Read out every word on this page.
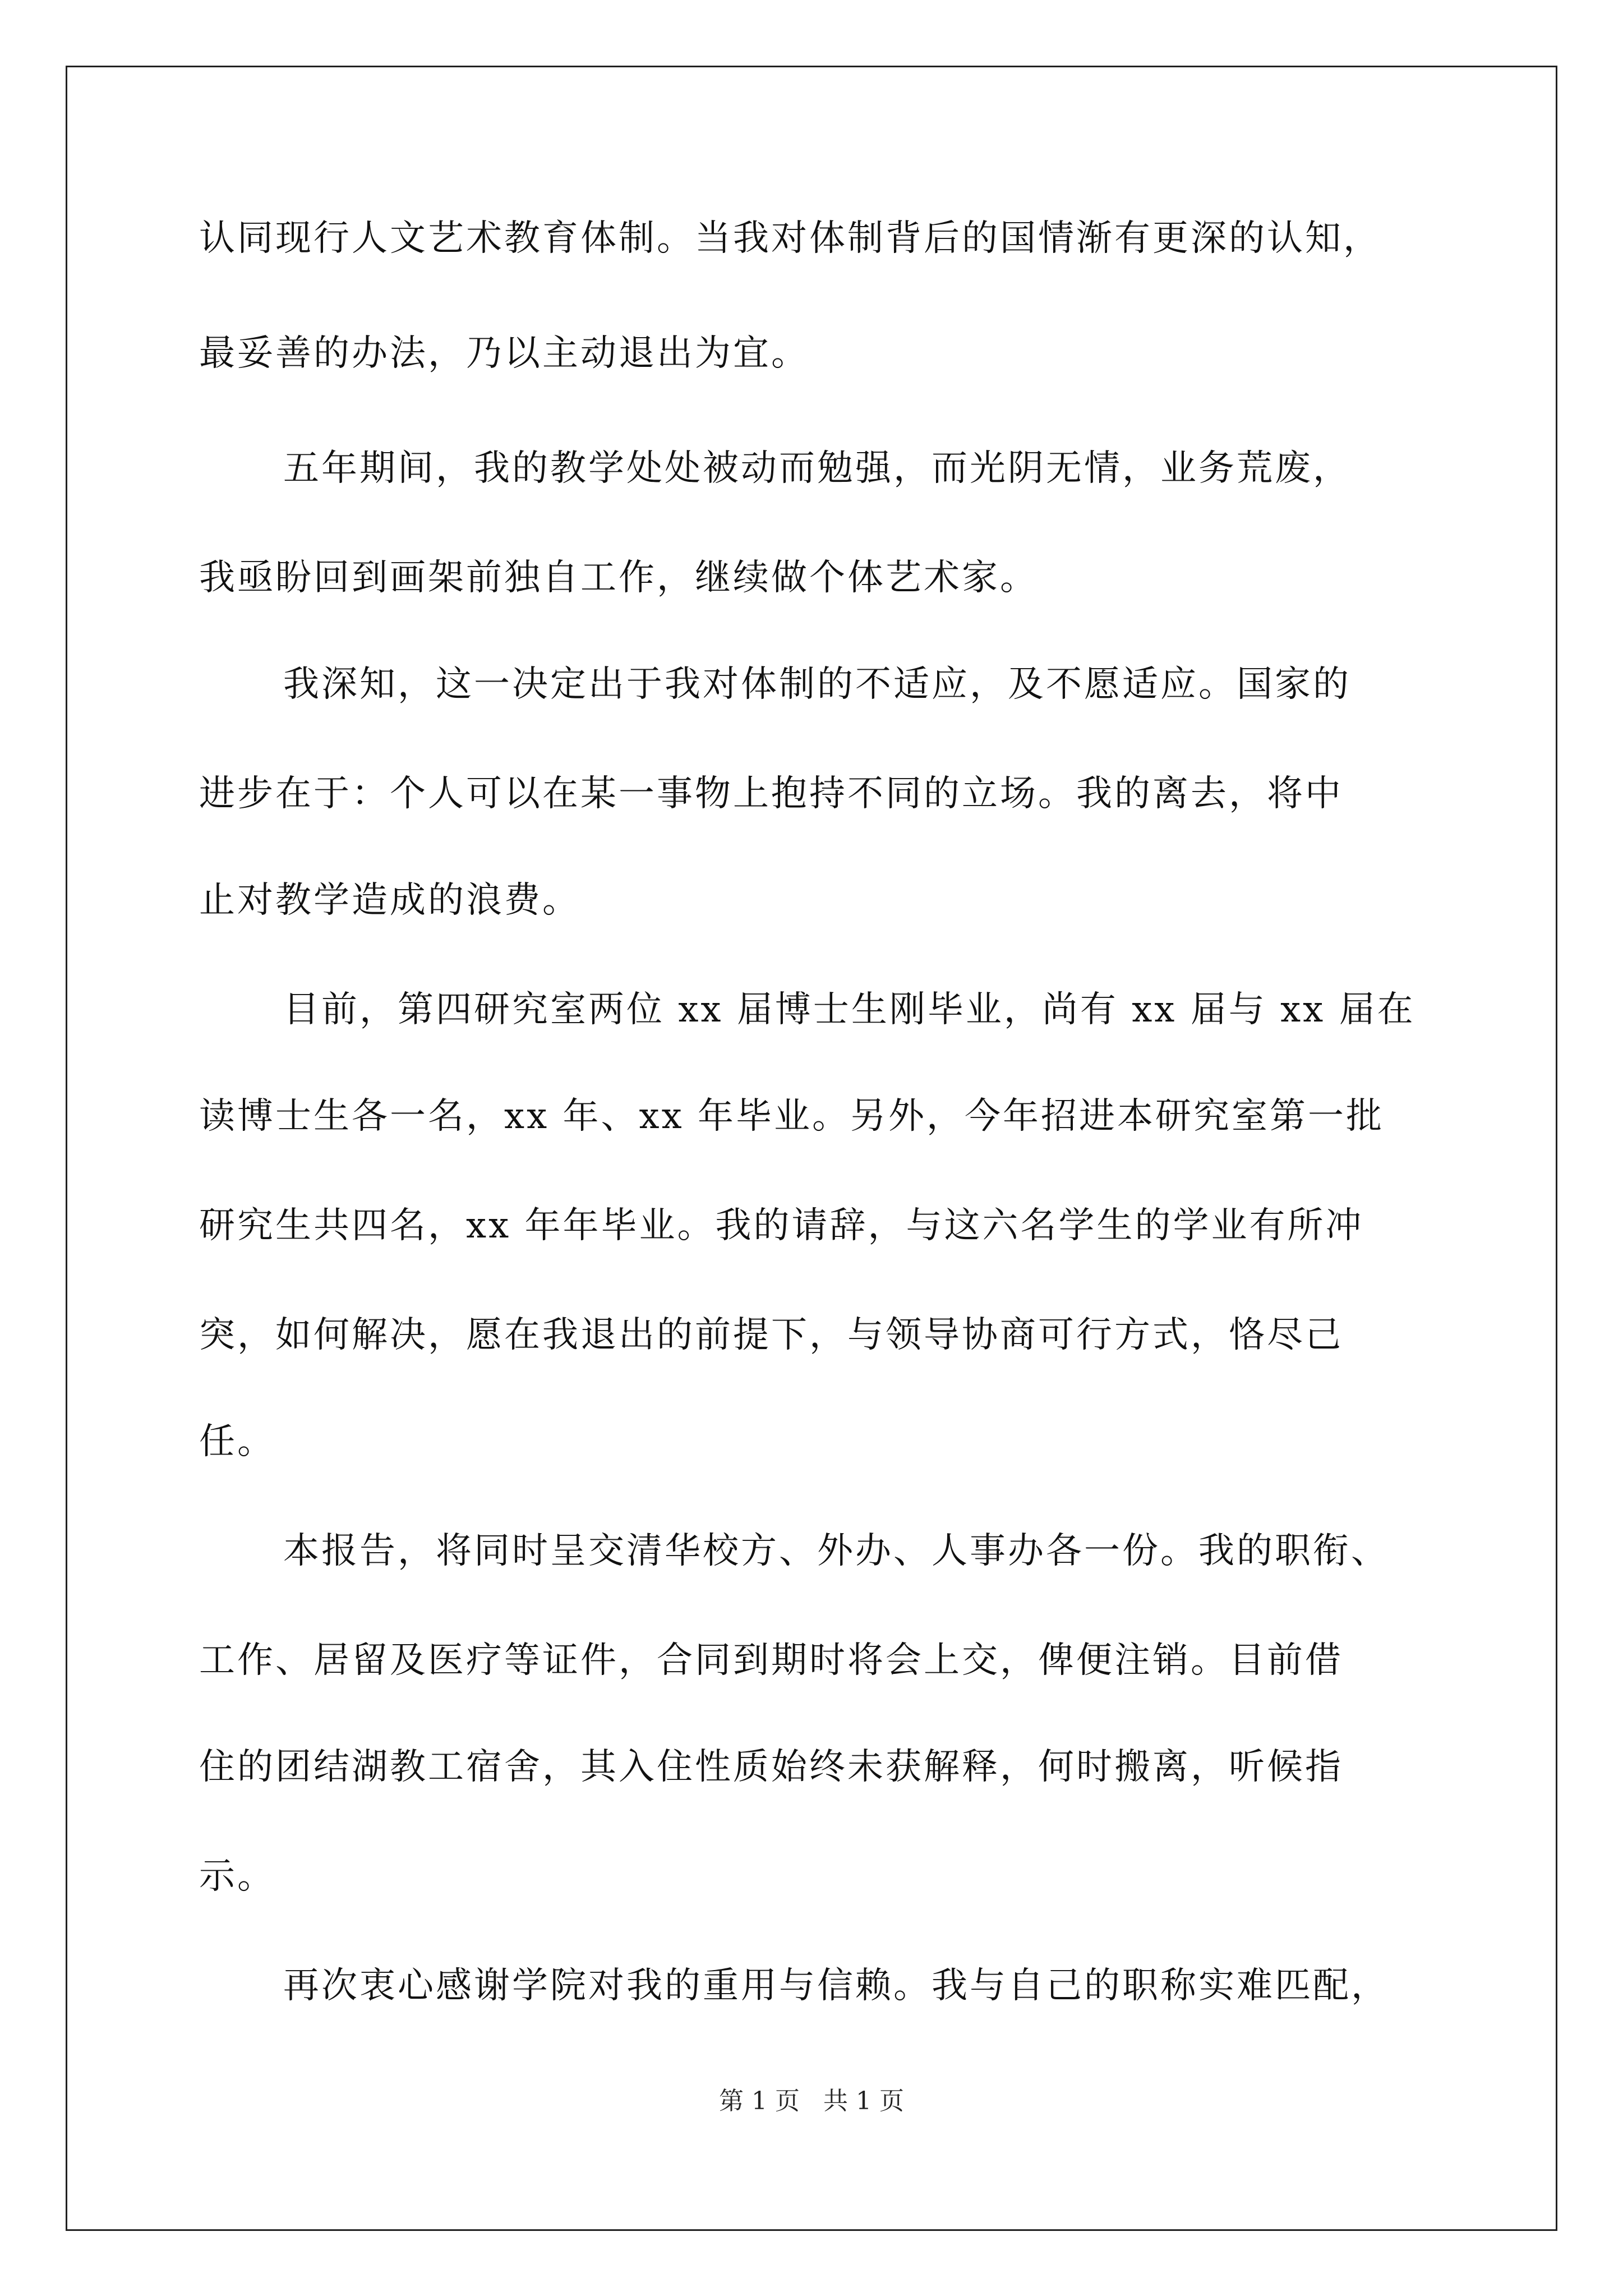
认同现行人文艺术教育体制。当我对体制背后的国情渐有更深的认知，
最妥善的办法，乃以主动退出为宜。
五年期间，我的教学处处被动而勉强，而光阴无情，业务荒废，
我亟盼回到画架前独自工作，继续做个体艺术家。
我深知，这一决定出于我对体制的不适应，及不愿适应。国家的
进步在于：个人可以在某一事物上抱持不同的立场。我的离去，将中
止对教学造成的浪费。
目前，第四研究室两位 xx 届博士生刚毕业，尚有 xx 届与 xx 届在
读博士生各一名，xx 年、xx 年毕业。另外，今年招进本研究室第一批
研究生共四名，xx 年年毕业。我的请辞，与这六名学生的学业有所冲
突，如何解决，愿在我退出的前提下，与领导协商可行方式，恪尽己
任。
本报告，将同时呈交清华校方、外办、人事办各一份。我的职衔、
工作、居留及医疗等证件，合同到期时将会上交，俾便注销。目前借
住的团结湖教工宿舍，其入住性质始终未获解释，何时搬离，听候指
示。
再次衷心感谢学院对我的重用与信赖。我与自己的职称实难匹配，
第 1 页   共 1 页
